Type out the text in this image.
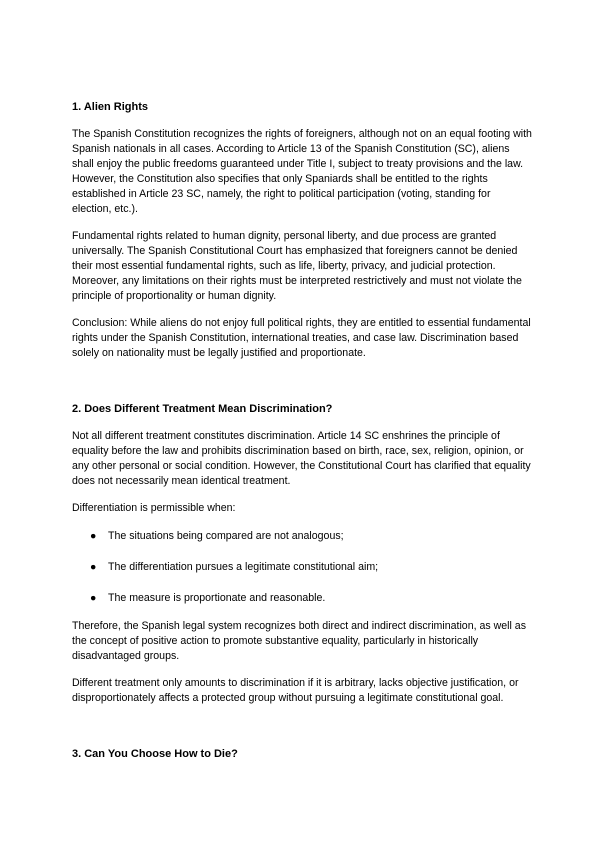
1. Alien Rights

The Spanish Constitution recognizes the rights of foreigners, although not on an equal footing with Spanish nationals in all cases. According to Article 13 of the Spanish Constitution (SC), aliens shall enjoy the public freedoms guaranteed under Title I, subject to treaty provisions and the law. However, the Constitution also specifies that only Spaniards shall be entitled to the rights established in Article 23 SC, namely, the right to political participation (voting, standing for election, etc.).

Fundamental rights related to human dignity, personal liberty, and due process are granted universally. The Spanish Constitutional Court has emphasized that foreigners cannot be denied their most essential fundamental rights, such as life, liberty, privacy, and judicial protection. Moreover, any limitations on their rights must be interpreted restrictively and must not violate the principle of proportionality or human dignity.

Conclusion: While aliens do not enjoy full political rights, they are entitled to essential fundamental rights under the Spanish Constitution, international treaties, and case law. Discrimination based solely on nationality must be legally justified and proportionate.

2. Does Different Treatment Mean Discrimination?

Not all different treatment constitutes discrimination. Article 14 SC enshrines the principle of equality before the law and prohibits discrimination based on birth, race, sex, religion, opinion, or any other personal or social condition. However, the Constitutional Court has clarified that equality does not necessarily mean identical treatment.

Differentiation is permissible when:

● The situations being compared are not analogous;
● The differentiation pursues a legitimate constitutional aim;
● The measure is proportionate and reasonable.

Therefore, the Spanish legal system recognizes both direct and indirect discrimination, as well as the concept of positive action to promote substantive equality, particularly in historically disadvantaged groups.

Different treatment only amounts to discrimination if it is arbitrary, lacks objective justification, or disproportionately affects a protected group without pursuing a legitimate constitutional goal.

3. Can You Choose How to Die?
